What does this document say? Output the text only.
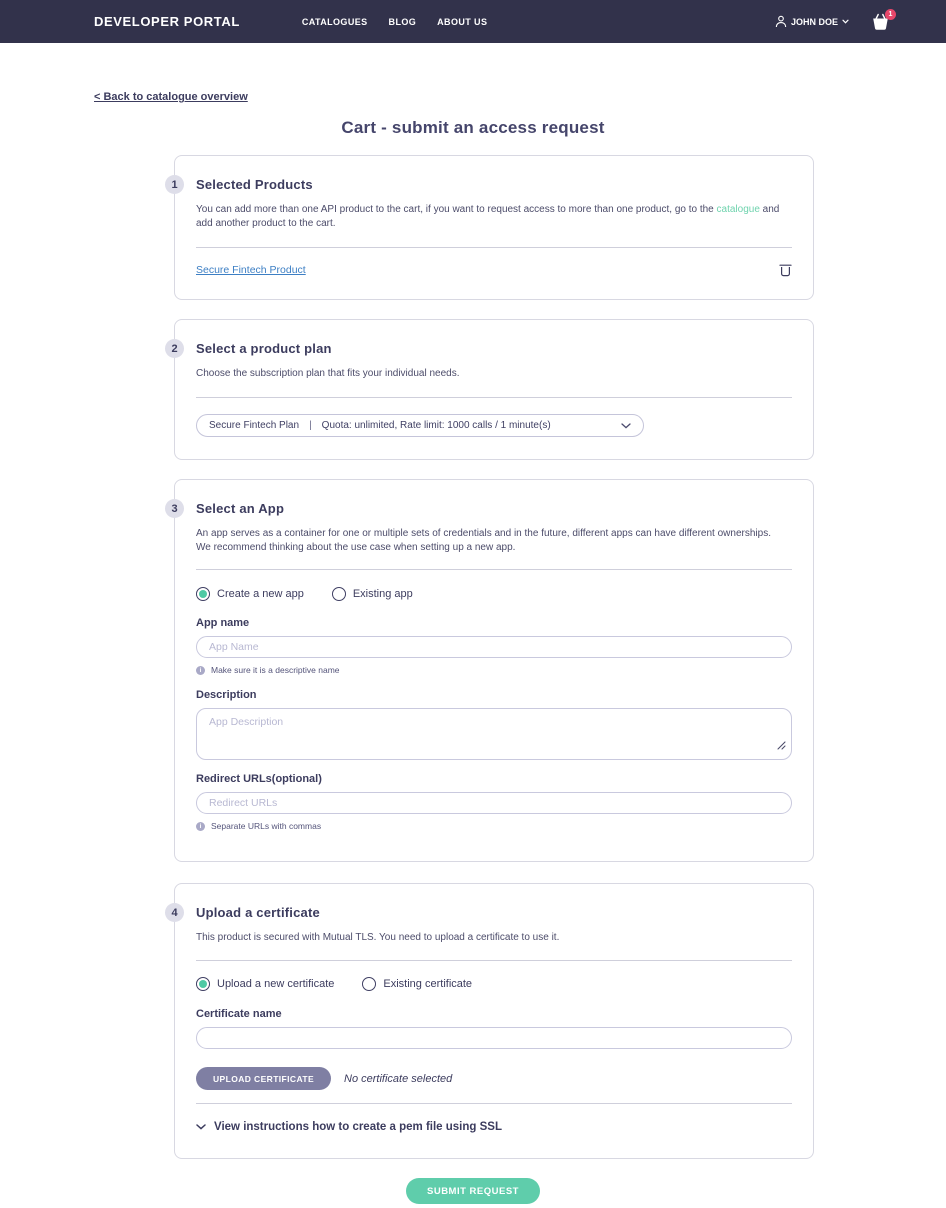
DEVELOPER PORTAL	CATALOGUES BLOG ABOUT US	JOHN DOE
1
< Back to catalogue overview
Cart - submit an access request
1	Selected Products

You can add more than one API product to the cart, if you want to request access to more than one product, go to the catalogue and add another product to the cart.

Secure Fintech Product
2	Select a product plan

Choose the subscription plan that fits your individual needs.

Secure Fintech Plan | Quota: unlimited, Rate limit: 1000 calls / 1 minute(s)
3	Select an App

An app serves as a container for one or multiple sets of credentials and in the future, different apps can have different ownerships. We recommend thinking about the use case when setting up a new app.

Create a new app	Existing app
App name
App Name
i	Make sure it is a descriptive name
Description
App Description
Redirect URLs(optional)
Redirect URLs
i	Separate URLs with commas
4	Upload a certificate

This product is secured with Mutual TLS. You need to upload a certificate to use it.

Upload a new certificate	Existing certificate
Certificate name
UPLOAD CERTIFICATE	No certificate selected
View instructions how to create a pem file using SSL
SUBMIT REQUEST
